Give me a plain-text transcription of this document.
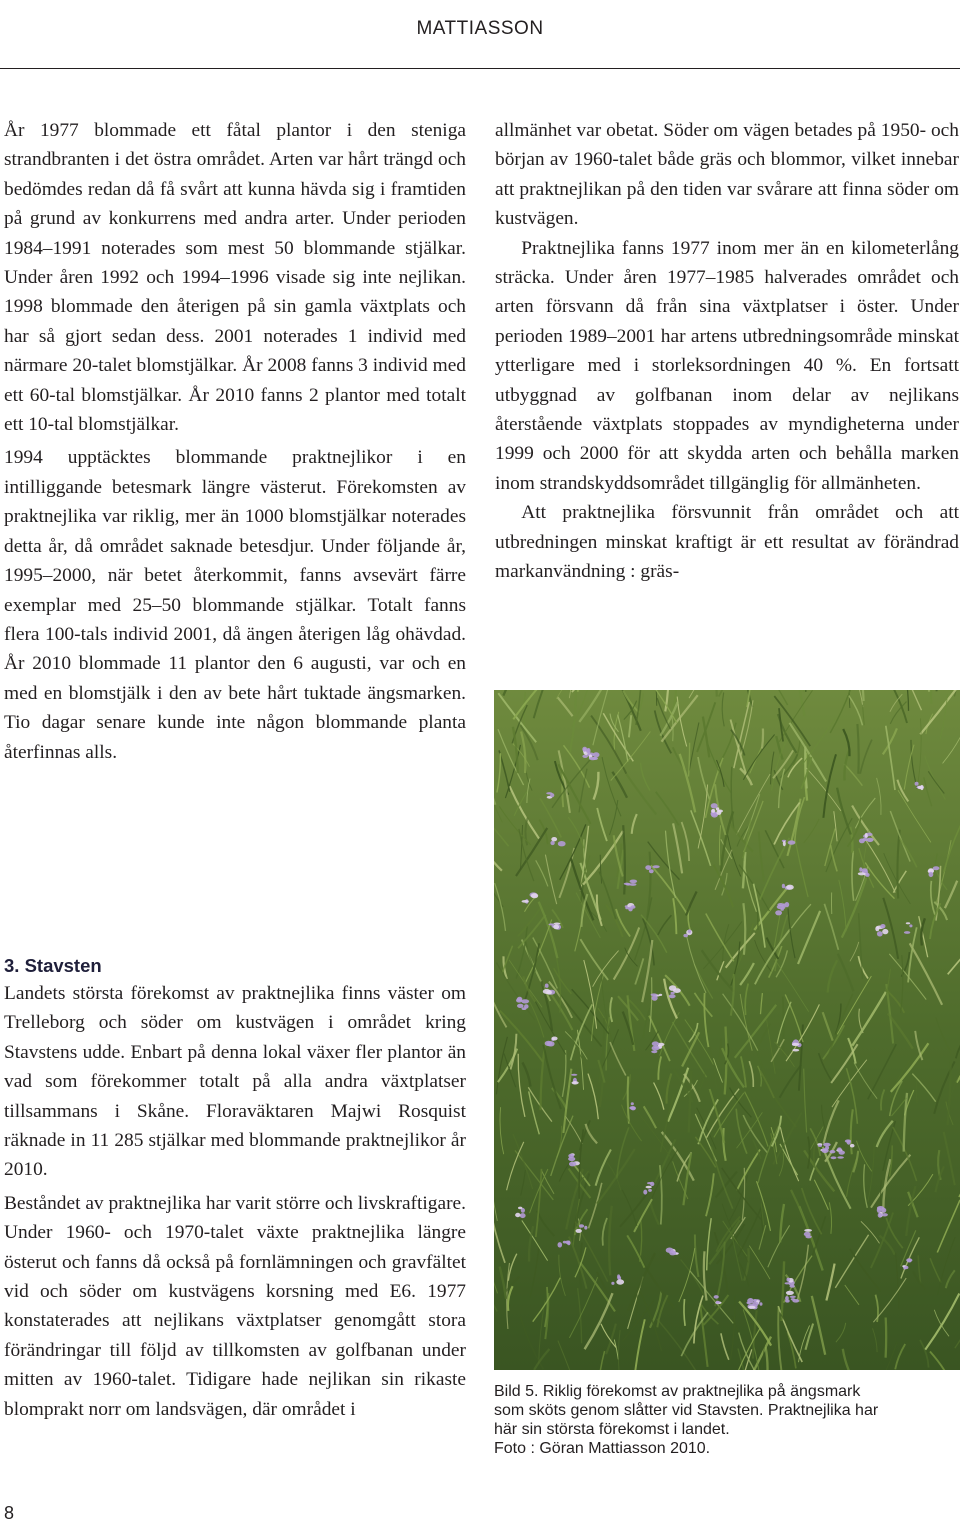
MATTIASSON

År 1977 blommade ett fåtal plantor i den steniga strandbranten i det östra området. Arten var hårt trängd och bedömdes redan då få svårt att kunna hävda sig i framtiden på grund av konkurrens med andra arter. Under perioden 1984–1991 noterades som mest 50 blommande stjälkar. Under åren 1992 och 1994–1996 visade sig inte nejlikan. 1998 blommade den återigen på sin gamla växtplats och har så gjort sedan dess. 2001 noterades 1 individ med närmare 20-talet blomstjälkar. År 2008 fanns 3 individ med ett 60-tal blomstjälkar. År 2010 fanns 2 plantor med totalt ett 10-tal blomstjälkar.

1994 upptäcktes blommande praktnejlikor i en intilliggande betesmark längre västerut. Förekomsten av praktnejlika var riklig, mer än 1000 blomstjälkar noterades detta år, då området saknade betesdjur. Under följande år, 1995–2000, när betet återkommit, fanns avsevärt färre exemplar med 25–50 blommande stjälkar. Totalt fanns flera 100-tals individ 2001, då ängen återigen låg ohävdad. År 2010 blommade 11 plantor den 6 augusti, var och en med en blomstjälk i den av bete hårt tuktade ängsmarken. Tio dagar senare kunde inte någon blommande planta återfinnas alls.

3. Stavsten

Landets största förekomst av praktnejlika finns väster om Trelleborg och söder om kustvägen i området kring Stavstens udde. Enbart på denna lokal växer fler plantor än vad som förekommer totalt på alla andra växtplatser tillsammans i Skåne. Floraväktaren Majwi Rosquist räknade in 11 285 stjälkar med blommande praktnejlikor år 2010.

Beståndet av praktnejlika har varit större och livskraftigare. Under 1960- och 1970-talet växte praktnejlika längre österut och fanns då också på fornlämningen och gravfältet vid och söder om kustvägens korsning med E6. 1977 konstaterades att nejlikans växtplatser genomgått stora förändringar till följd av tillkomsten av golfbanan under mitten av 1960-talet. Tidigare hade nejlikan sin rikaste blomprakt norr om landsvägen, där området i

allmänhet var obetat. Söder om vägen betades på 1950- och början av 1960-talet både gräs och blommor, vilket innebar att praktnejlikan på den tiden var svårare att finna söder om kustvägen.

Praktnejlika fanns 1977 inom mer än en kilometerlång sträcka. Under åren 1977–1985 halverades området och arten försvann då från sina växtplatser i öster. Under perioden 1989–2001 har artens utbredningsområde minskat ytterligare med i storleksordningen 40 %. En fortsatt utbyggnad av golfbanan inom delar av nejlikans återstående växtplats stoppades av myndigheterna under 1999 och 2000 för att skydda arten och behålla marken inom strandskyddsområdet tillgänglig för allmänheten.

Att praktnejlika försvunnit från området och att utbredningen minskat kraftigt är ett resultat av förändrad markanvändning : gräs-

Bild 5. Riklig förekomst av praktnejlika på ängsmark
som sköts genom slåtter vid Stavsten. Praktnejlika har
här sin största förekomst i landet.
Foto : Göran Mattiasson 2010.
8
